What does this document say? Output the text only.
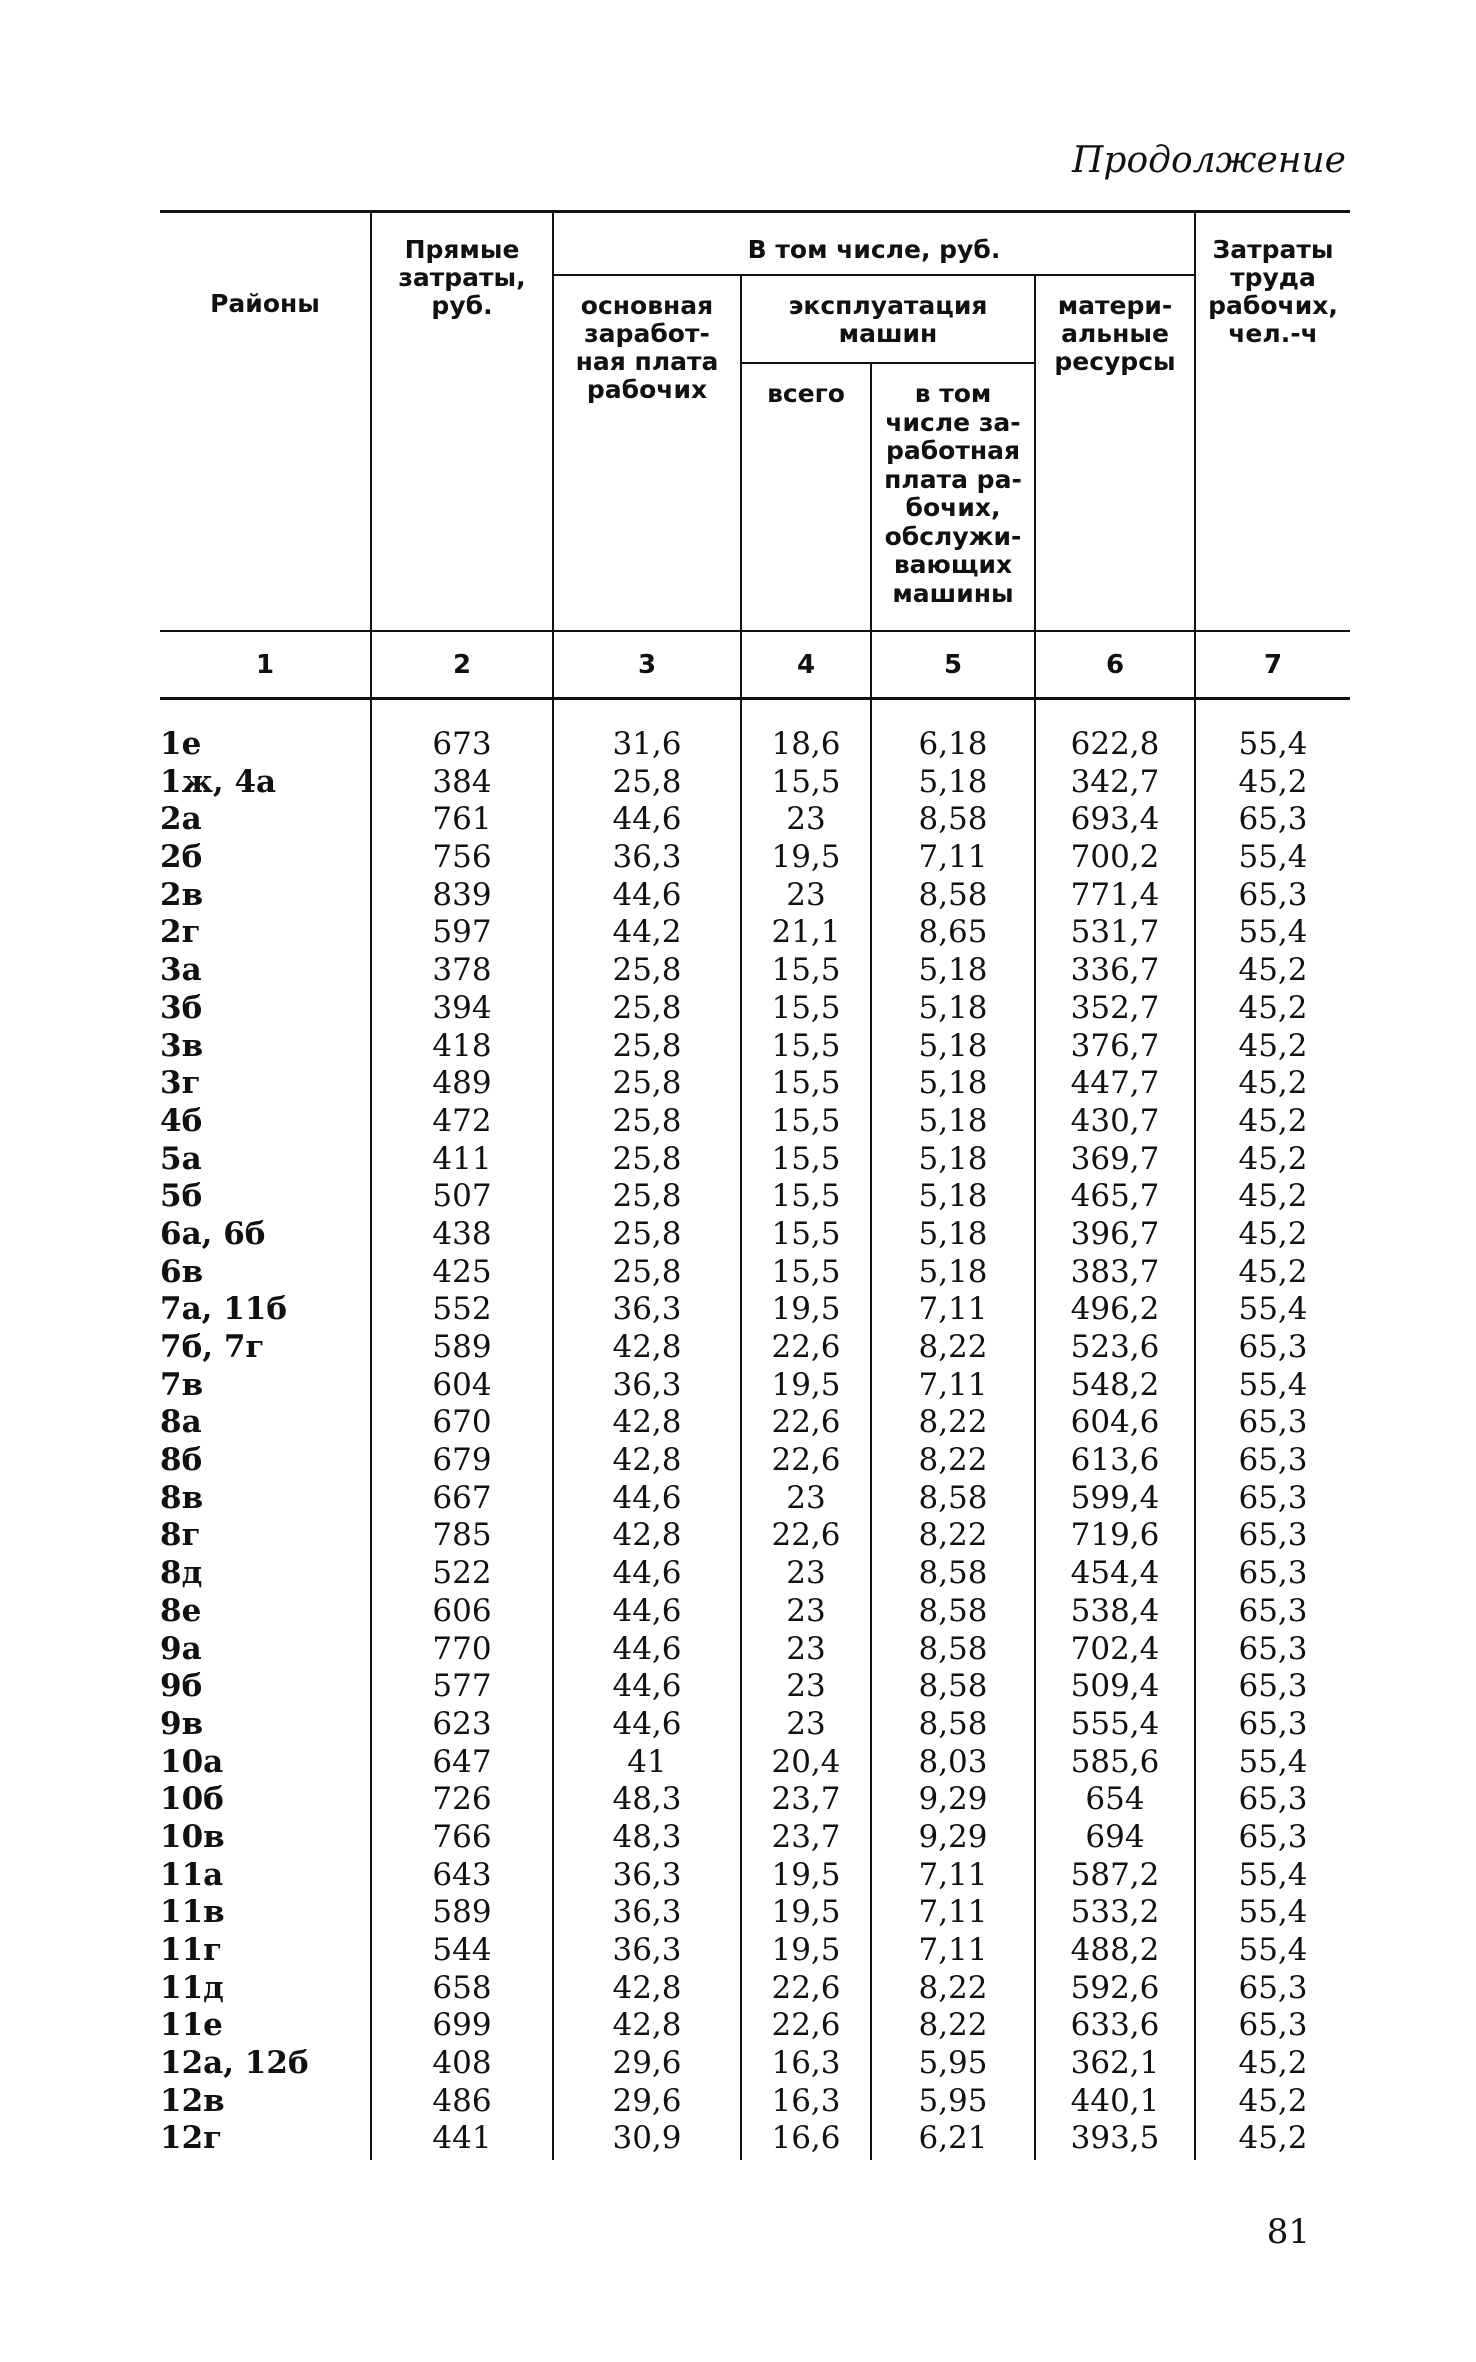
Продолжение
Районы
Прямые
затраты,
руб.
В том числе, руб.
основная
заработ-
ная плата
рабочих
эксплуатация
машин
всего	в том
числе за-
работная
плата ра-
бочих,
обслужи-
вающих
машины
матери-
альные
ресурсы
Затраты
труда
рабочих,
чел.-ч
1	2	3	4	5	6	7
1е	673	31,6	18,6	6,18	622,8	55,4
1ж, 4а	384	25,8	15,5	5,18	342,7	45,2
2а	761	44,6	23	8,58	693,4	65,3
2б	756	36,3	19,5	7,11	700,2	55,4
2в	839	44,6	23	8,58	771,4	65,3
2г	597	44,2	21,1	8,65	531,7	55,4
3а	378	25,8	15,5	5,18	336,7	45,2
3б	394	25,8	15,5	5,18	352,7	45,2
3в	418	25,8	15,5	5,18	376,7	45,2
3г	489	25,8	15,5	5,18	447,7	45,2
4б	472	25,8	15,5	5,18	430,7	45,2
5а	411	25,8	15,5	5,18	369,7	45,2
5б	507	25,8	15,5	5,18	465,7	45,2
6а, 6б	438	25,8	15,5	5,18	396,7	45,2
6в	425	25,8	15,5	5,18	383,7	45,2
7а, 11б	552	36,3	19,5	7,11	496,2	55,4
7б, 7г	589	42,8	22,6	8,22	523,6	65,3
7в	604	36,3	19,5	7,11	548,2	55,4
8а	670	42,8	22,6	8,22	604,6	65,3
8б	679	42,8	22,6	8,22	613,6	65,3
8в	667	44,6	23	8,58	599,4	65,3
8г	785	42,8	22,6	8,22	719,6	65,3
8д	522	44,6	23	8,58	454,4	65,3
8е	606	44,6	23	8,58	538,4	65,3
9а	770	44,6	23	8,58	702,4	65,3
9б	577	44,6	23	8,58	509,4	65,3
9в	623	44,6	23	8,58	555,4	65,3
10а	647	41	20,4	8,03	585,6	55,4
10б	726	48,3	23,7	9,29	654	65,3
10в	766	48,3	23,7	9,29	694	65,3
11а	643	36,3	19,5	7,11	587,2	55,4
11в	589	36,3	19,5	7,11	533,2	55,4
11г	544	36,3	19,5	7,11	488,2	55,4
11д	658	42,8	22,6	8,22	592,6	65,3
11е	699	42,8	22,6	8,22	633,6	65,3
12а, 12б	408	29,6	16,3	5,95	362,1	45,2
12в	486	29,6	16,3	5,95	440,1	45,2
12г	441	30,9	16,6	6,21	393,5	45,2
81
